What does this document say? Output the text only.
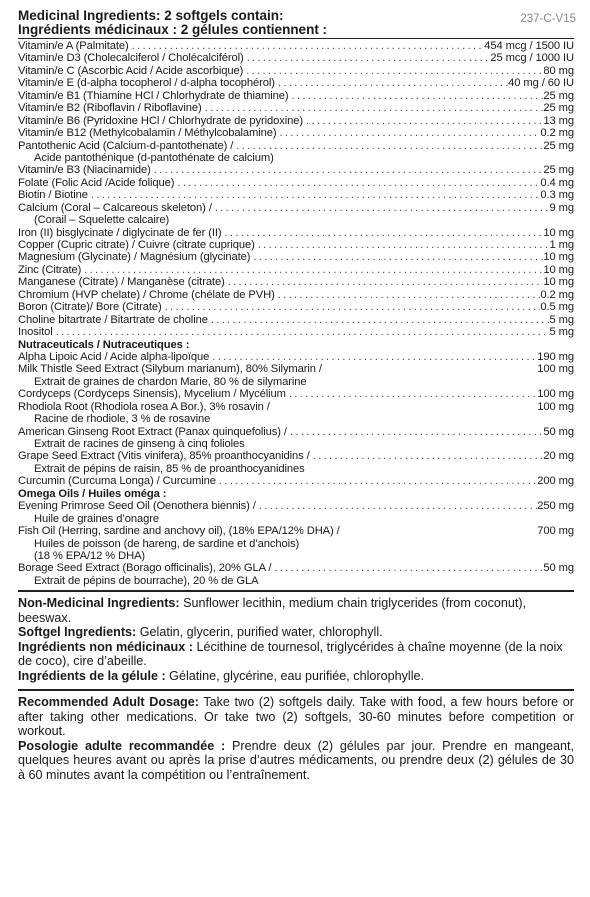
Medicinal Ingredients: 2 softgels contain:
Ingrédients médicinaux : 2 gélules contiennent :
237-C-V15
Vitamin/e A (Palmitate) . . .	454 mcg / 1500 IU
Vitamin/e D3 (Cholecalciferol / Cholécalciférol) . . .	25 mcg / 1000 IU
Vitamin/e C (Ascorbic Acid / Acide ascorbique) . . .	80 mg
Vitamin/e E (d-alpha tocopherol / d-alpha tocophérol) . . .	40 mg / 60 IU
Vitamin/e B1 (Thiamine HCl / Chlorhydrate de thiamine) . . .	25 mg
Vitamin/e B2 (Riboflavin / Riboflavine) . . .	25 mg
Vitamin/e B6 (Pyridoxine HCl / Chlorhydrate de pyridoxine) . . .	13 mg
Vitamin/e B12 (Methylcobalamin / Méthylcobalamine) . . .	0.2 mg
Pantothenic Acid (Calcium-d-pantothenate) / . . .	25 mg
Acide pantothénique (d-pantothénate de calcium)
Vitamin/e B3 (Niacinamide) . . .	25 mg
Folate (Folic Acid /Acide folique) . . .	0.4 mg
Biotin / Biotine . . .	0.3 mg
Calcium (Coral – Calcareous skeleton) / . . .	9 mg
(Corail – Squelette calcaire)
Iron (II) bisglycinate / diglycinate de fer (II) . . .	10 mg
Copper (Cupric citrate) / Cuivre (citrate cuprique) . . .	1 mg
Magnesium (Glycinate) / Magnésium (glycinate) . . .	10 mg
Zinc (Citrate) . . .	10 mg
Manganese (Citrate) / Manganèse (citrate) . . .	10 mg
Chromium (HVP chelate) / Chrome (chélate de PVH) . . .	0.2 mg
Boron (Citrate)/ Bore (Citrate) . . .	0.5 mg
Choline bitartrate / Bitartrate de choline . . .	5 mg
Inositol . . .	5 mg
Nutraceuticals / Nutraceutiques :
Alpha Lipoic Acid / Acide alpha-lipoïque . . .	190 mg
Milk Thistle Seed Extract (Silybum marianum), 80% Silymarin /	100 mg
Extrait de graines de chardon Marie, 80 % de silymarine
Cordyceps (Cordyceps Sinensis), Mycelium / Mycélium . . .	100 mg
Rhodiola Root (Rhodiola rosea A Bor.), 3% rosavin /	100 mg
Racine de rhodiole, 3 % de rosavine
American Ginseng Root Extract (Panax quinquefolius) / . . .	50 mg
Extrait de racines de ginseng à cinq folioles
Grape Seed Extract (Vitis vinifera), 85% proanthocyanidins / . . .	20 mg
Extrait de pépins de raisin, 85 % de proanthocyanidines
Curcumin (Curcuma Longa) / Curcumine . . .	200 mg
Omega Oils / Huiles oméga :
Evening Primrose Seed Oil (Oenothera biennis) / . . .	250 mg
Huile de graines d’onagre
Fish Oil (Herring, sardine and anchovy oil), (18% EPA/12% DHA) /	700 mg
Huiles de poisson (de hareng, de sardine et d’anchois)
(18 % EPA/12 % DHA)
Borage Seed Extract (Borago officinalis), 20% GLA / . . .	50 mg
Extrait de pépins de bourrache), 20 % de GLA
Non-Medicinal Ingredients: Sunflower lecithin, medium chain triglycerides (from coconut), beeswax.
Softgel Ingredients: Gelatin, glycerin, purified water, chlorophyll.
Ingrédients non médicinaux : Lécithine de tournesol, triglycérides à chaîne moyenne (de la noix de coco), cire d’abeille.
Ingrédients de la gélule : Gélatine, glycérine, eau purifiée, chlorophylle.
Recommended Adult Dosage: Take two (2) softgels daily. Take with food, a few hours before or after taking other medications. Or take two (2) softgels, 30-60 minutes before competition or workout.
Posologie adulte recommandée : Prendre deux (2) gélules par jour. Prendre en mangeant, quelques heures avant ou après la prise d’autres médicaments, ou prendre deux (2) gélules de 30 à 60 minutes avant la compétition ou l’entraînement.
